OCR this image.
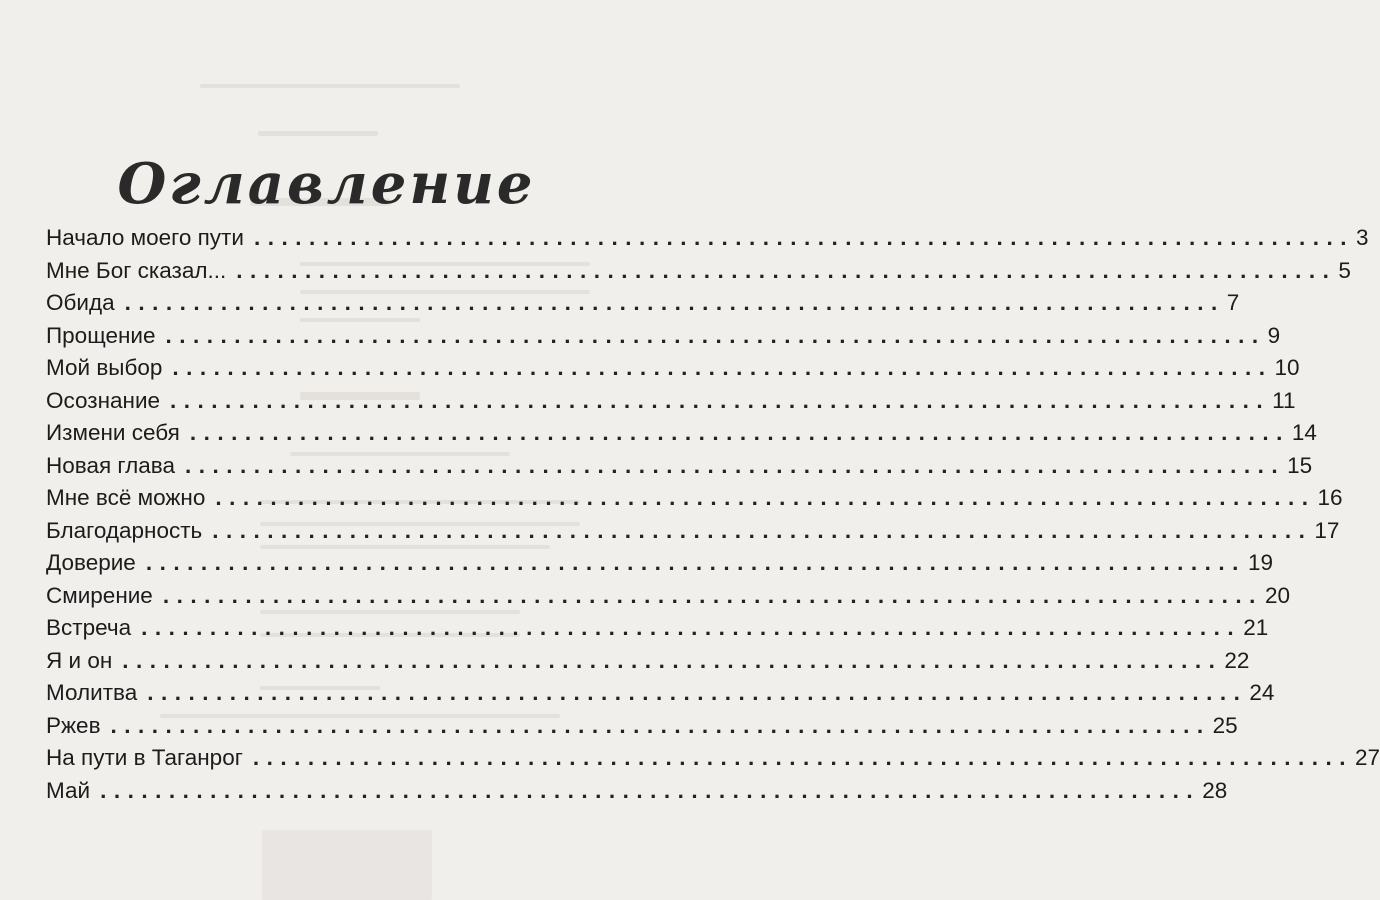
Оглавление
Начало моего пути ................................................................................ 3
Мне Бог сказал... ................................................................................ 5
Обида ................................................................................ 7
Прощение ................................................................................ 9
Мой выбор ................................................................................ 10
Осознание ................................................................................ 11
Измени себя ................................................................................ 14
Новая глава ................................................................................ 15
Мне всё можно ................................................................................ 16
Благодарность ................................................................................ 17
Доверие ................................................................................ 19
Смирение ................................................................................ 20
Встреча ................................................................................ 21
Я и он ................................................................................ 22
Молитва ................................................................................ 24
Ржев ................................................................................ 25
На пути в Таганрог ................................................................................ 27
Май ................................................................................ 28
